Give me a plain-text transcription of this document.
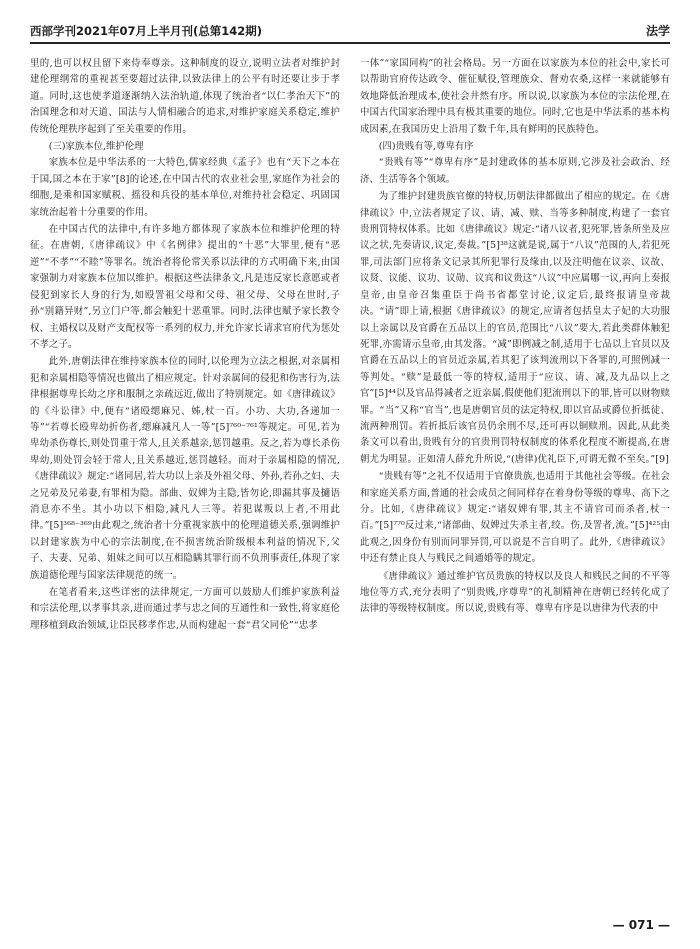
西部学刊2021年07月上半月刊(总第142期)	法学

里的,也可以权且留下来侍奉尊亲。这种制度的设立,说明立法者对维护封建伦理纲常的重视甚至要超过法律,以致法律上的公平有时还要让步于孝道。同时,这也使孝道逐渐纳入法治轨道,体现了统治者“以仁孝治天下”的治国理念和对天道、国法与人情相融合的追求,对维护家庭关系稳定,维护传统伦理秩序起到了至关重要的作用。

(三)家族本位,维护伦理

家族本位是中华法系的一大特色,儒家经典《孟子》也有“天下之本在于国,国之本在于家”[8]的论述,在中国古代的农业社会里,家庭作为社会的细胞,是乘和国家赋税、摇役和兵役的基本单位,对维持社会稳定、巩固国家统治起着十分重要的作用。

在中国古代的法律中,有许多地方都体现了家族本位和维护伦理的特征。在唐朝,《唐律疏议》中《名例律》提出的“十恶”大罪里,便有“恶逆”“不孝”“不睦”等罪名。统治者将伦常关系以法律的方式明确下来,由国家强制力对家族本位加以维护。根据这些法律条文,凡是违反家长意愿或者侵犯到家长人身的行为,如殴詈祖父母和父母、祖父母、父母在世时,子孙“别籍异财”,另立门户等,都会触犯十恶重罪。同时,法律也赋予家长教令权、主婚权以及财产支配权等一系列的权力,并允许家长请求官府代为惩处不孝之子。

此外,唐朝法律在维持家族本位的同时,以伦理为立法之根据,对亲属相犯和亲属相隐等情况也做出了相应规定。针对亲属间的侵犯和伤害行为,法律根据尊卑长幼之序和服制之亲疏远近,做出了特别规定。如《唐律疏议》的《斗讼律》中,便有“诸殴缌麻兄、姊,杖一百。小功、大功,各递加一等”“若尊长殴卑幼折伤者,缌麻减凡人一等”[5]⁷⁶⁰⁻⁷⁶¹等规定。可见,若为卑幼杀伤尊长,则处罚重于常人,且关系越亲,惩罚越重。反之,若为尊长杀伤卑幼,则处罚会轻于常人,且关系越近,惩罚越轻。而对于亲属相隐的情况,《唐律疏议》规定:“诸同居,若大功以上亲及外祖父母、外孙,若孙之妇、夫之兄弟及兄弟妻,有罪相为隐。部曲、奴婢为主隐,皆勿论,即漏其事及擿语消息亦不坐。其小功以下相隐,减凡人三等。若犯谋叛以上者,不用此律。”[5]³⁶⁸⁻³⁶⁹由此观之,统治者十分重视家族中的伦理道德关系,强调维护以封建家族为中心的宗法制度,在不损害统治阶级根本利益的情况下,父子、夫妻、兄弟、姐妹之间可以互相隐瞒其罪行而不负刑事责任,体现了家族道德伦理与国家法律规范的统一。

在笔者看来,这些详密的法律规定,一方面可以鼓励人们维护家族利益和宗法伦理,以孝事其亲,进而通过孝与忠之间的互通性和一致性,将家庭伦理移植到政治领域,让臣民移孝作忠,从而构建起一套“君父同伦”“忠孝

一体”“家国同构”的社会格局。另一方面在以家族为本位的社会中,家长可以帮助官府传达政令、催征赋役,管理族众、督劝农桑,这样一来就能够有效地降低治理成本,使社会井然有序。所以说,以家族为本位的宗法伦理,在中国古代国家治理中具有极其重要的地位。同时,它也是中华法系的基本构成因素,在我国历史上沿用了数千年,具有鲜明的民族特色。

(四)贵贱有等,尊卑有序

“贵贱有等”“尊卑有序”是封建政体的基本原则,它涉及社会政治、经济、生活等各个领域。

为了维护封建贵族官僚的特权,历朝法律都做出了相应的规定。在《唐律疏议》中,立法者规定了议、请、减、赎、当等多种制度,构建了一套官贵刑罚特权体系。比如《唐律疏议》规定:“诸八议者,犯死罪,皆条所坐及应议之状,先奏请议,议定,奏裁。”[5]³⁸这就是说,属于“八议”范围的人,若犯死罪,司法部门应将条文记录其所犯罪行及缘由,以及注明他在议亲、议故、议贤、议能、议功、议勋、议宾和议贵这“八议”中应属哪一议,再向上奏报皇帝,由皇帝召集重臣于尚书省都堂讨论,议定后,最终报请皇帝裁决。“请”即上请,根据《唐律疏议》的规定,应请者包括皇太子妃的大功服以上亲属以及官爵在五品以上的官员,范围比“八议”要大,若此类群体触犯死罪,亦需请示皇帝,由其发落。“减”即例减之制,适用于七品以上官员以及官爵在五品以上的官员近亲属,若其犯了该判流刑以下各罪的,可照例减一等判处。“赎”是最低一等的特权,适用于“应议、请、减,及九品以上之官”[5]⁴⁴以及官品得减者之近亲属,假使他们犯流刑以下的罪,皆可以财物赎罪。“当”又称“官当”,也是唐朝官员的法定特权,即以官品或爵位折抵徒、流两种刑罚。若折抵后该官员仍余刑不尽,还可再以铜赎刑。因此,从此类条文可以看出,贵贱有分的官贵刑罚特权制度的体系化程度不断提高,在唐朝尤为明显。正如清人薛允升所说,“(唐律)优礼臣下,可谓无微不至矣。”[9]

“贵贱有等”之礼不仅适用于官僚贵族,也适用于其他社会等级。在社会和家庭关系方面,普通的社会成员之间同样存在着身份等级的尊卑、高下之分。比如,《唐律疏议》规定:“诸奴婢有罪,其主不请官司而杀者,杖一百。”[5]⁷⁷⁰反过来,“诸部曲、奴婢过失杀主者,绞。伤,及詈者,流。”[5]⁴²⁵由此观之,因身份有别而同罪异罚,可以说是不言自明了。此外,《唐律疏议》中还有禁止良人与贱民之间通婚等的规定。

《唐律疏议》通过维护官员贵族的特权以及良人和贱民之间的不平等地位等方式,充分表明了“别贵贱,序尊卑”的礼制精神在唐朝已经转化成了法律的等级特权制度。所以说,贵贱有等、尊卑有序是以唐律为代表的中

— 071 —
